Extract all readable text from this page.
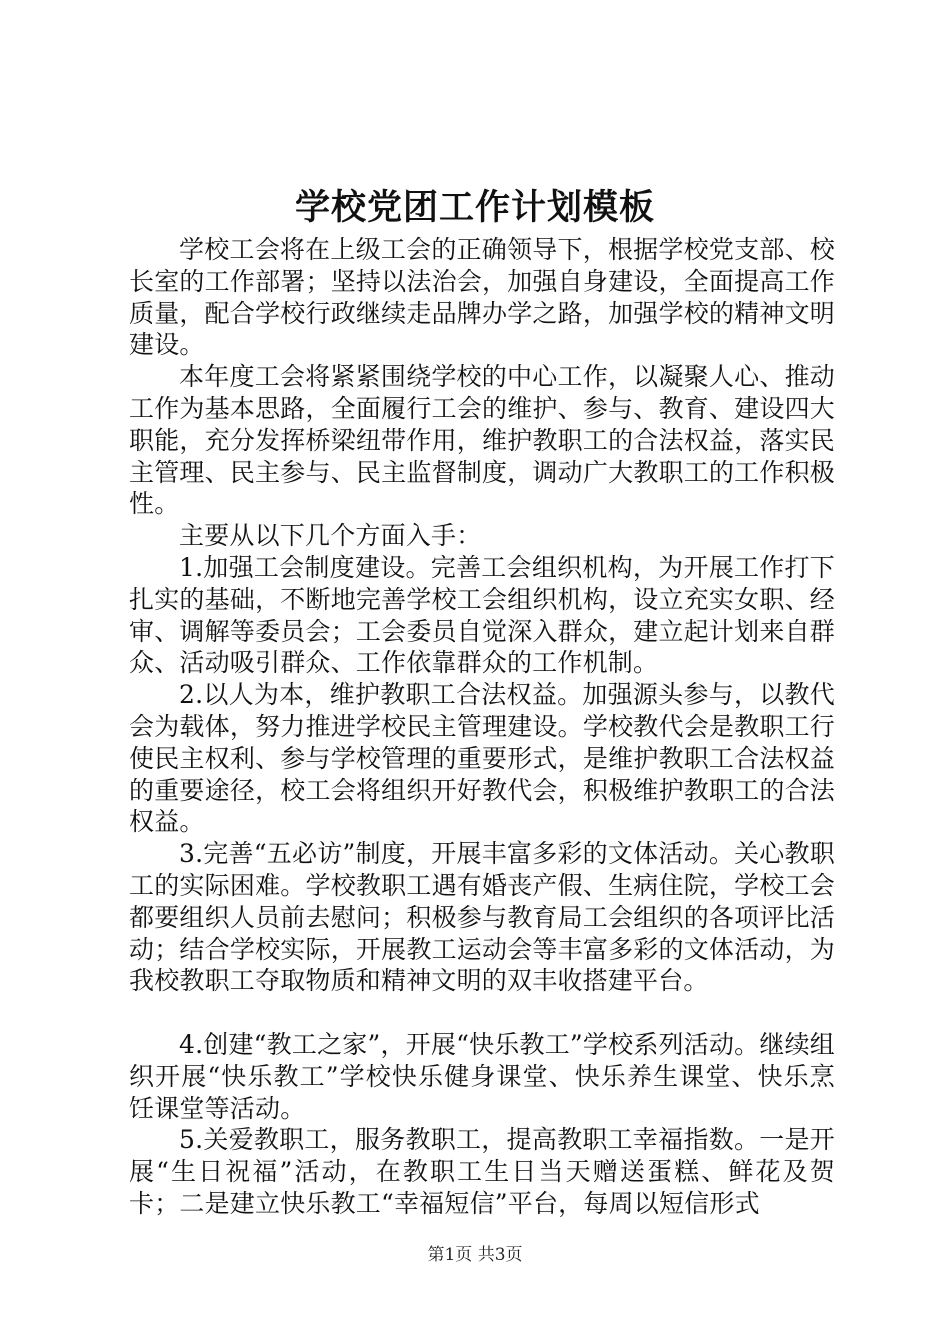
学校党团工作计划模板

学校工会将在上级工会的正确领导下，根据学校党支部、校长室的工作部署；坚持以法治会，加强自身建设，全面提高工作质量，配合学校行政继续走品牌办学之路，加强学校的精神文明建设。

本年度工会将紧紧围绕学校的中心工作，以凝聚人心、推动工作为基本思路，全面履行工会的维护、参与、教育、建设四大职能，充分发挥桥梁纽带作用，维护教职工的合法权益，落实民主管理、民主参与、民主监督制度，调动广大教职工的工作积极性。

主要从以下几个方面入手：

1.加强工会制度建设。完善工会组织机构，为开展工作打下扎实的基础，不断地完善学校工会组织机构，设立充实女职、经审、调解等委员会；工会委员自觉深入群众，建立起计划来自群众、活动吸引群众、工作依靠群众的工作机制。

2.以人为本，维护教职工合法权益。加强源头参与，以教代会为载体，努力推进学校民主管理建设。学校教代会是教职工行使民主权利、参与学校管理的重要形式，是维护教职工合法权益的重要途径，校工会将组织开好教代会，积极维护教职工的合法权益。

3.完善“五必访”制度，开展丰富多彩的文体活动。关心教职工的实际困难。学校教职工遇有婚丧产假、生病住院，学校工会都要组织人员前去慰问；积极参与教育局工会组织的各项评比活动；结合学校实际，开展教工运动会等丰富多彩的文体活动，为我校教职工夺取物质和精神文明的双丰收搭建平台。

4.创建“教工之家”，开展“快乐教工”学校系列活动。继续组织开展“快乐教工”学校快乐健身课堂、快乐养生课堂、快乐烹饪课堂等活动。

5.关爱教职工，服务教职工，提高教职工幸福指数。一是开展“生日祝福”活动，在教职工生日当天赠送蛋糕、鲜花及贺卡；二是建立快乐教工“幸福短信”平台，每周以短信形式

第1页 共3页
